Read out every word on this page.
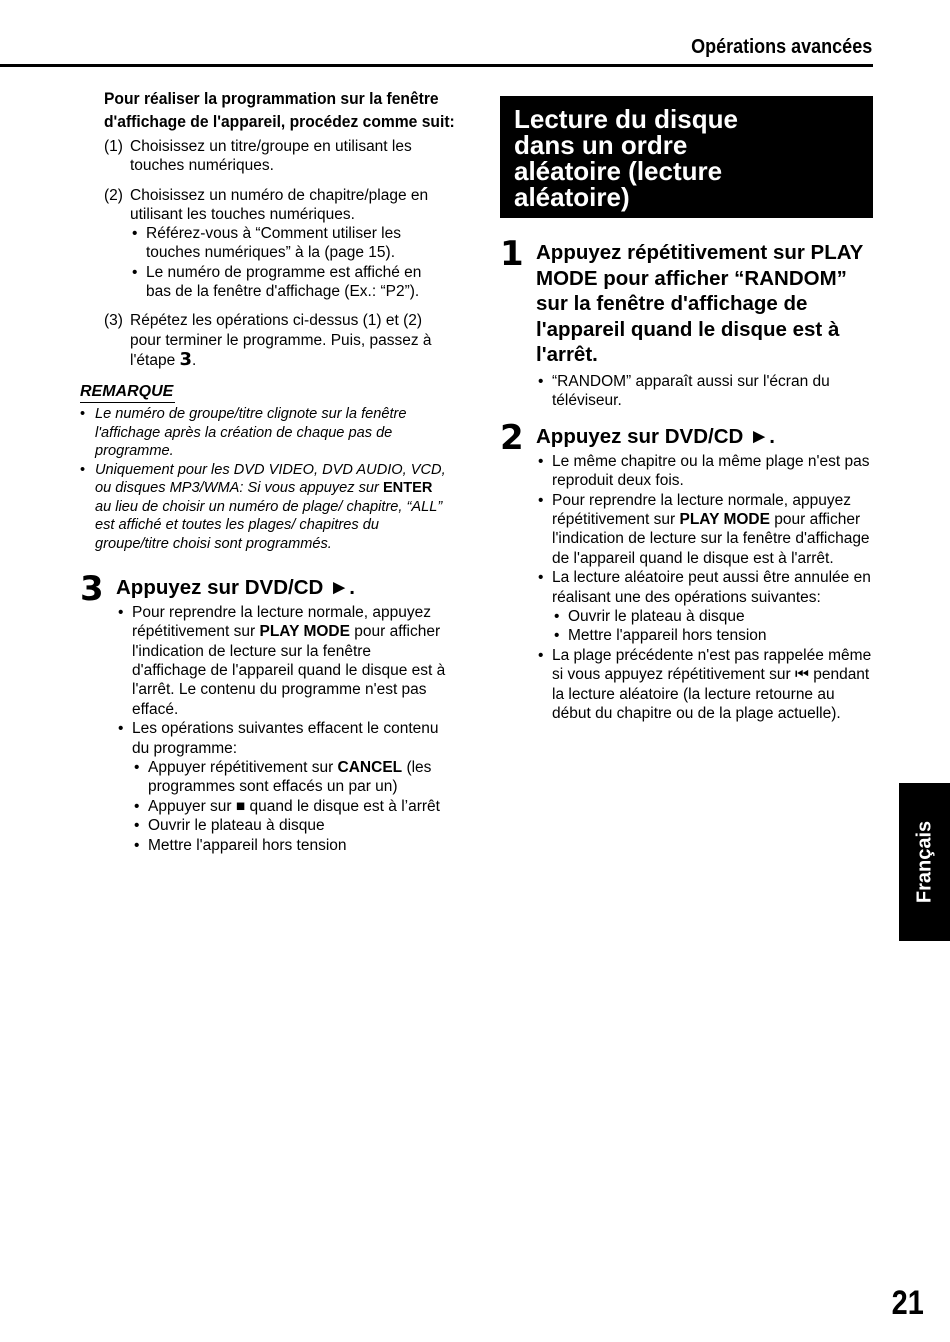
Opérations avancées
Pour réaliser la programmation sur la fenêtre d'affichage de l'appareil, procédez comme suit:
(1) Choisissez un titre/groupe en utilisant les touches numériques.
(2) Choisissez un numéro de chapitre/plage en utilisant les touches numériques.
• Référez-vous à “Comment utiliser les touches numériques” à la (page 15).
• Le numéro de programme est affiché en bas de la fenêtre d'affichage (Ex.: “P2”).
(3) Répétez les opérations ci-dessus (1) et (2) pour terminer le programme. Puis, passez à l'étape 3.
REMARQUE
• Le numéro de groupe/titre clignote sur la fenêtre l'affichage après la création de chaque pas de programme.
• Uniquement pour les DVD VIDEO, DVD AUDIO, VCD, ou disques MP3/WMA: Si vous appuyez sur ENTER au lieu de choisir un numéro de plage/ chapitre, “ALL” est affiché et toutes les plages/ chapitres du groupe/titre choisi sont programmés.
3 Appuyez sur DVD/CD ►.
• Pour reprendre la lecture normale, appuyez répétitivement sur PLAY MODE pour afficher l'indication de lecture sur la fenêtre d'affichage de l'appareil quand le disque est à l'arrêt. Le contenu du programme n'est pas effacé.
• Les opérations suivantes effacent le contenu du programme:
• Appuyer répétitivement sur CANCEL (les programmes sont effacés un par un)
• Appuyer sur ■ quand le disque est à l’arrêt
• Ouvrir le plateau à disque
• Mettre l'appareil hors tension
Lecture du disque dans un ordre aléatoire (lecture aléatoire)
1 Appuyez répétitivement sur PLAY MODE pour afficher “RANDOM” sur la fenêtre d'affichage de l'appareil quand le disque est à l'arrêt.
• “RANDOM” apparaît aussi sur l'écran du téléviseur.
2 Appuyez sur DVD/CD ►.
• Le même chapitre ou la même plage n'est pas reproduit deux fois.
• Pour reprendre la lecture normale, appuyez répétitivement sur PLAY MODE pour afficher l'indication de lecture sur la fenêtre d'affichage de l'appareil quand le disque est à l'arrêt.
• La lecture aléatoire peut aussi être annulée en réalisant une des opérations suivantes:
• Ouvrir le plateau à disque
• Mettre l'appareil hors tension
• La plage précédente n'est pas rappelée même si vous appuyez répétitivement sur ⏮ pendant la lecture aléatoire (la lecture retourne au début du chapitre ou de la plage actuelle).
Français
21
